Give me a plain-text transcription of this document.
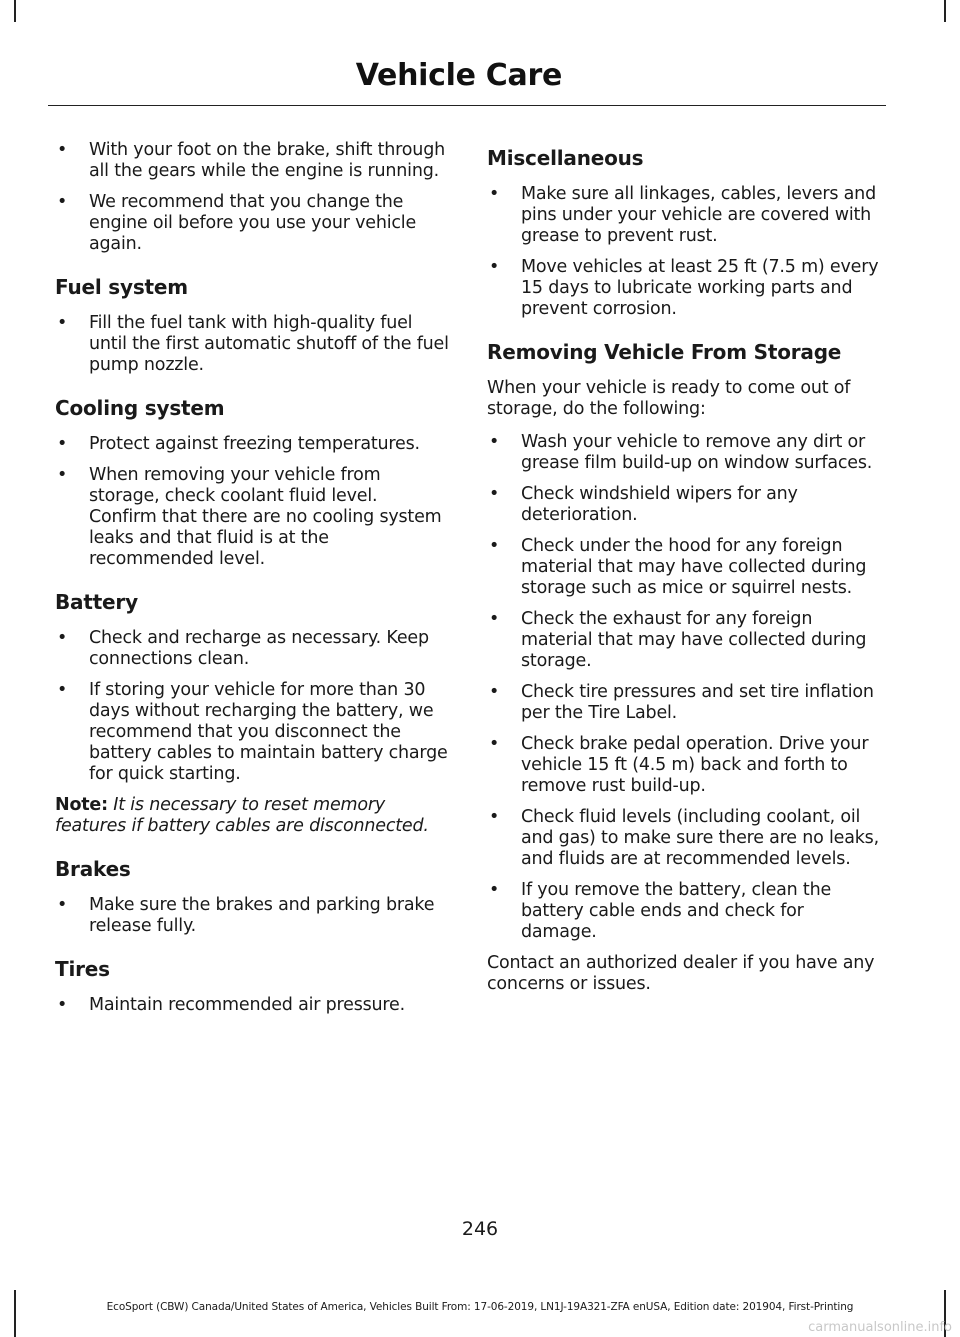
Vehicle Care
• With your foot on the brake, shift through all the gears while the engine is running.
• We recommend that you change the engine oil before you use your vehicle again.
Fuel system
• Fill the fuel tank with high-quality fuel until the first automatic shutoff of the fuel pump nozzle.
Cooling system
• Protect against freezing temperatures.
• When removing your vehicle from storage, check coolant fluid level. Confirm that there are no cooling system leaks and that fluid is at the recommended level.
Battery
• Check and recharge as necessary. Keep connections clean.
• If storing your vehicle for more than 30 days without recharging the battery, we recommend that you disconnect the battery cables to maintain battery charge for quick starting.

Note: It is necessary to reset memory features if battery cables are disconnected.

Brakes
• Make sure the brakes and parking brake release fully.
Tires
• Maintain recommended air pressure.
Miscellaneous
• Make sure all linkages, cables, levers and pins under your vehicle are covered with grease to prevent rust.
• Move vehicles at least 25 ft (7.5 m) every 15 days to lubricate working parts and prevent corrosion.
Removing Vehicle From Storage

When your vehicle is ready to come out of storage, do the following:

• Wash your vehicle to remove any dirt or grease film build-up on window surfaces.
• Check windshield wipers for any deterioration.
• Check under the hood for any foreign material that may have collected during storage such as mice or squirrel nests.
• Check the exhaust for any foreign material that may have collected during storage.
• Check tire pressures and set tire inflation per the Tire Label.
• Check brake pedal operation. Drive your vehicle 15 ft (4.5 m) back and forth to remove rust build-up.
• Check fluid levels (including coolant, oil and gas) to make sure there are no leaks, and fluids are at recommended levels.
• If you remove the battery, clean the battery cable ends and check for damage.

Contact an authorized dealer if you have any concerns or issues.

246

EcoSport (CBW) Canada/United States of America, Vehicles Built From: 17-06-2019, LN1J-19A321-ZFA enUSA, Edition date: 201904, First-Printing

carmanualsonline.info
